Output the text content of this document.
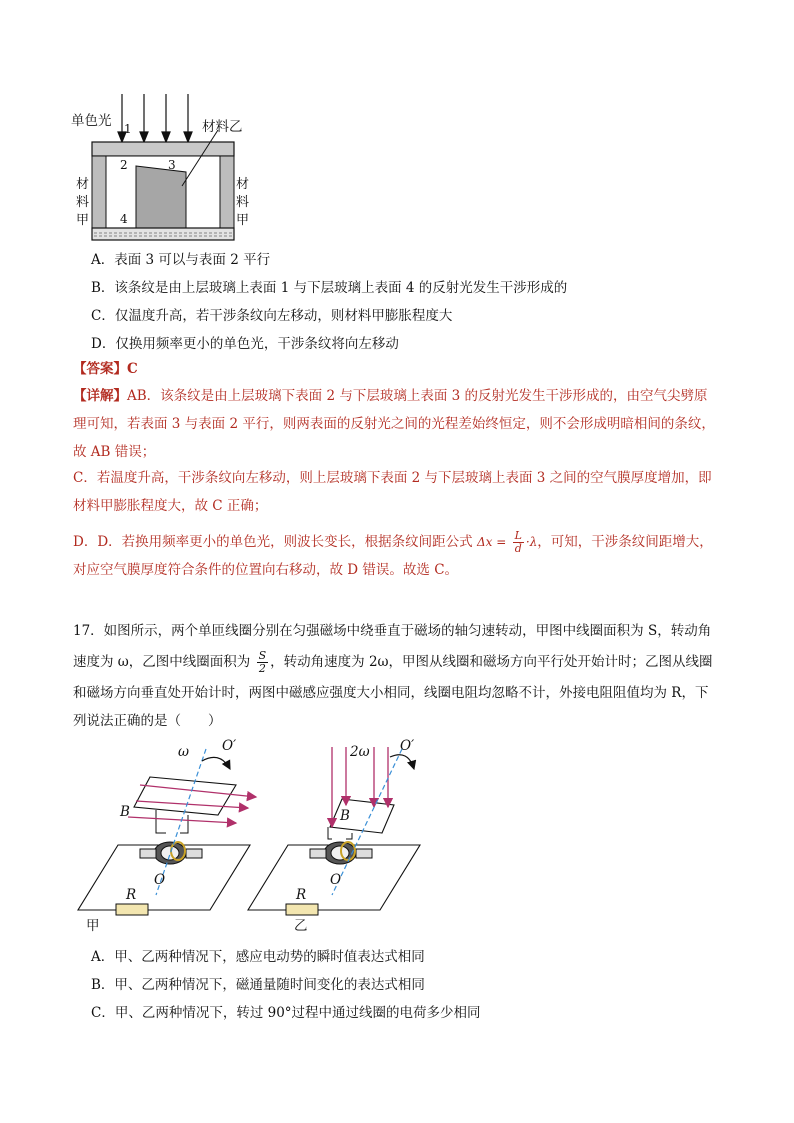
单色光 1
2	3
4
材料乙
材
料
甲
材
料
甲
A．表面 3 可以与表面 2 平行
B．该条纹是由上层玻璃上表面 1 与下层玻璃上表面 4 的反射光发生干涉形成的
C．仅温度升高，若干涉条纹向左移动，则材料甲膨胀程度大
D．仅换用频率更小的单色光，干涉条纹将向左移动
【答案】C
【详解】AB．该条纹是由上层玻璃下表面 2 与下层玻璃上表面 3 的反射光发生干涉形成的，由空气尖劈原
理可知，若表面 3 与表面 2 平行，则两表面的反射光之间的光程差始终恒定，则不会形成明暗相间的条纹，
故 AB 错误；
C．若温度升高，干涉条纹向左移动，则上层玻璃下表面 2 与下层玻璃上表面 3 之间的空气膜厚度增加，即
材料甲膨胀程度大，故 C 正确；
D．D．若换用频率更小的单色光，则波长变长，根据条纹间距公式 $\Delta x = \frac{L}{d} \cdot\lambda$，可知，干涉条纹间距增大，
对应空气膜厚度符合条件的位置向右移动，故 D 错误。故选 C。
17．如图所示，两个单匝线圈分别在匀强磁场中绕垂直于磁场的轴匀速转动，甲图中线圈面积为 S，转动角
速度为 ω，乙图中线圈面积为 $\frac{S}{2}$ ，转动角速度为 2ω，甲图从线圈和磁场方向平行处开始计时；乙图从线圈
和磁场方向垂直处开始计时，两图中磁感应强度大小相同，线圈电阻均忽略不计，外接电阻阻值均为 R，下
列说法正确的是（　　）
ω O′
B
O
R
甲
2ω O′
B
O
R
乙
A．甲、乙两种情况下，感应电动势的瞬时值表达式相同
B．甲、乙两种情况下，磁通量随时间变化的表达式相同
C．甲、乙两种情况下，转过 90°过程中通过线圈的电荷多少相同
